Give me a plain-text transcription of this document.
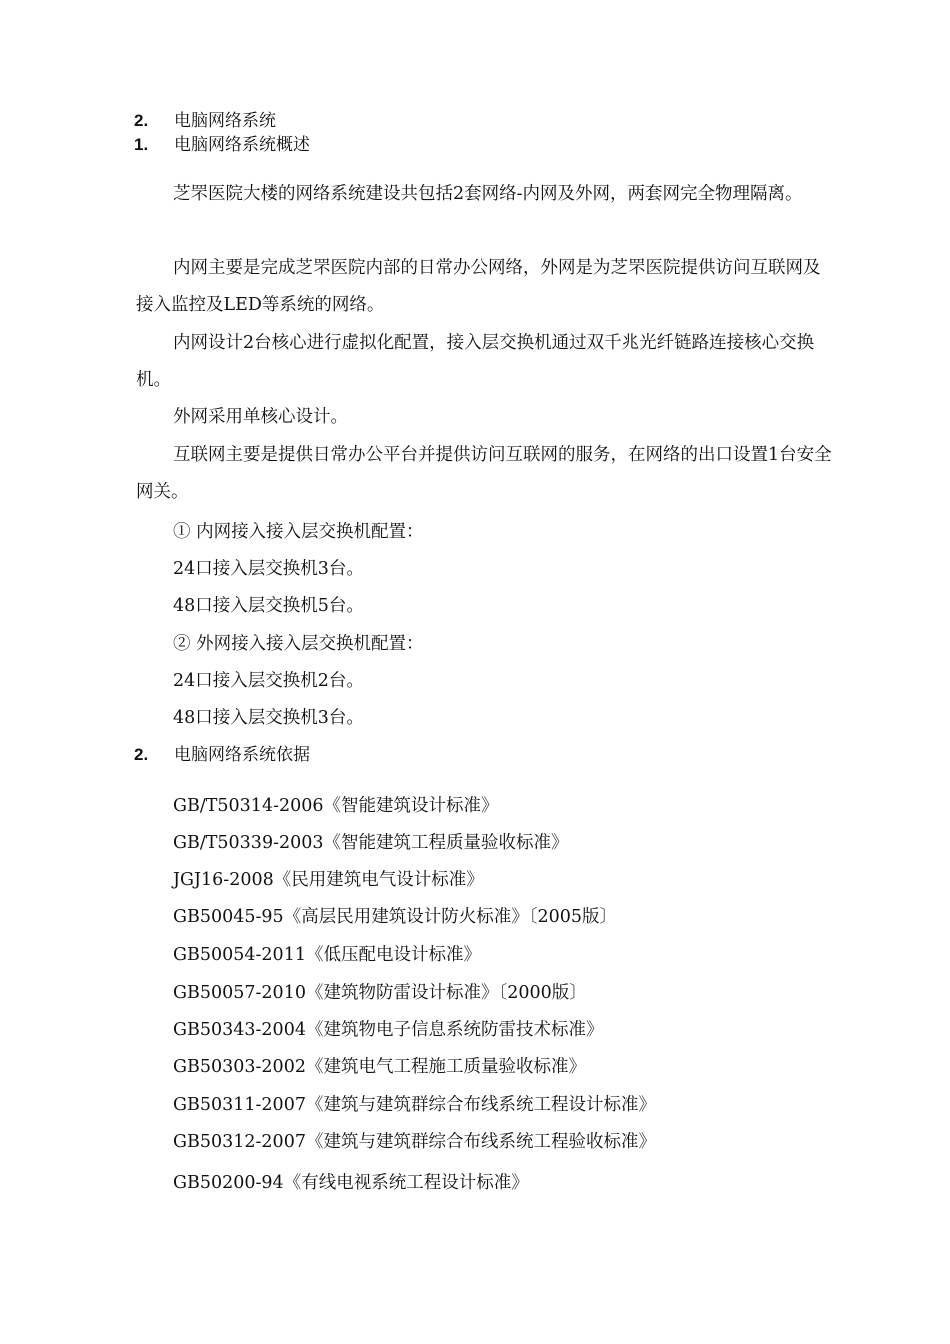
2. 电脑网络系统
1. 电脑网络系统概述

芝罘医院大楼的网络系统建设共包括2套网络-内网及外网，两套网完全物理隔离。

内网主要是完成芝罘医院内部的日常办公网络，外网是为芝罘医院提供访问互联网及接入监控及LED等系统的网络。

内网设计2台核心进行虚拟化配置，接入层交换机通过双千兆光纤链路连接核心交换机。

外网采用单核心设计。

互联网主要是提供日常办公平台并提供访问互联网的服务，在网络的出口设置1台安全网关。

① 内网接入接入层交换机配置：

24口接入层交换机3台。

48口接入层交换机5台。

② 外网接入接入层交换机配置：

24口接入层交换机2台。

48口接入层交换机3台。

2. 电脑网络系统依据

GB/T50314-2006《智能建筑设计标准》

GB/T50339-2003《智能建筑工程质量验收标准》

JGJ16-2008《民用建筑电气设计标准》

GB50045-95《高层民用建筑设计防火标准》〔2005版〕

GB50054-2011《低压配电设计标准》

GB50057-2010《建筑物防雷设计标准》〔2000版〕

GB50343-2004《建筑物电子信息系统防雷技术标准》

GB50303-2002《建筑电气工程施工质量验收标准》

GB50311-2007《建筑与建筑群综合布线系统工程设计标准》

GB50312-2007《建筑与建筑群综合布线系统工程验收标准》

GB50200-94《有线电视系统工程设计标准》
